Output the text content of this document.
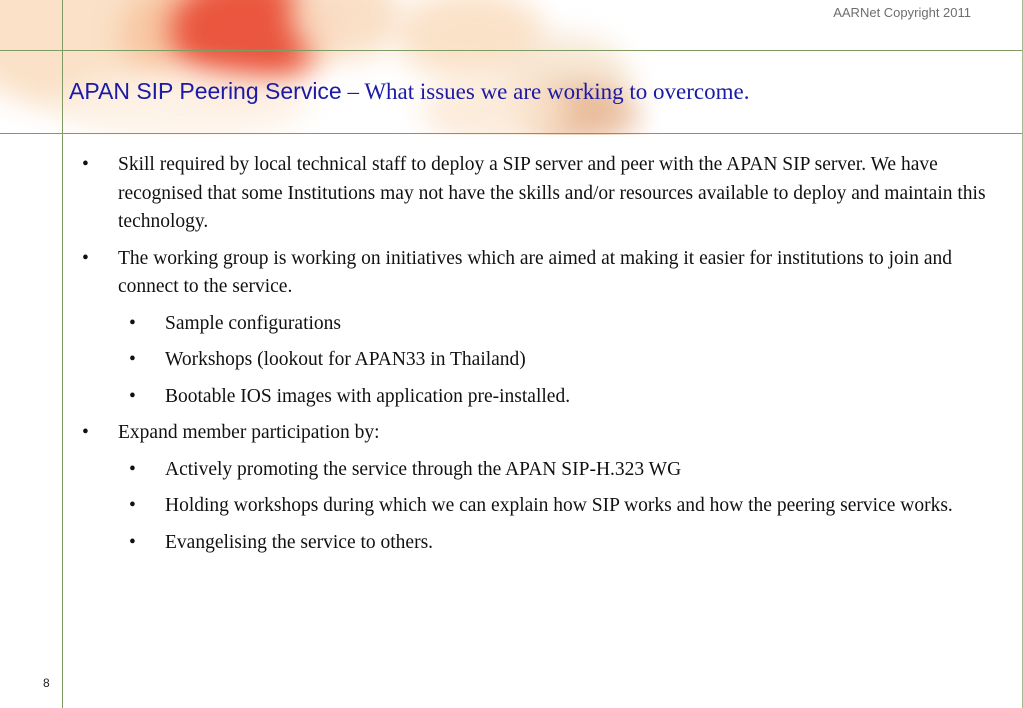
AARNet Copyright 2011
APAN SIP Peering Service – What issues we are working to overcome.
• Skill required by local technical staff to deploy a SIP server and peer with the APAN SIP server. We have recognised that some Institutions may not have the skills and/or resources available to deploy and maintain this technology.
• The working group is working on initiatives which are aimed at making it easier for institutions to join and connect to the service.
• Sample configurations
• Workshops (lookout for APAN33 in Thailand)
• Bootable IOS images with application pre-installed.
• Expand member participation by:
• Actively promoting the service through the APAN SIP-H.323 WG
• Holding workshops during which we can explain how SIP works and how the peering service works.
• Evangelising the service to others.
8
